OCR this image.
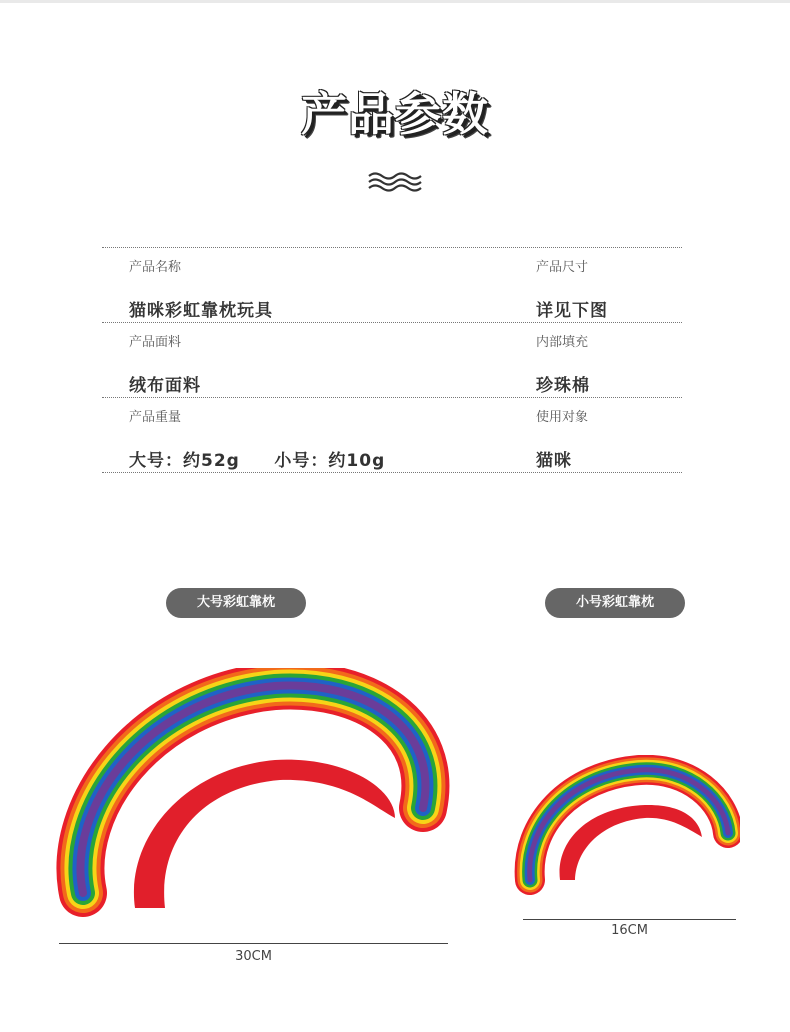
产品参数
产品名称
猫咪彩虹靠枕玩具
产品尺寸
详见下图
产品面料
绒布面料
内部填充
珍珠棉
产品重量
大号：约52g     小号：约10g
使用对象
猫咪
大号彩虹靠枕	小号彩虹靠枕
30CM
16CM
